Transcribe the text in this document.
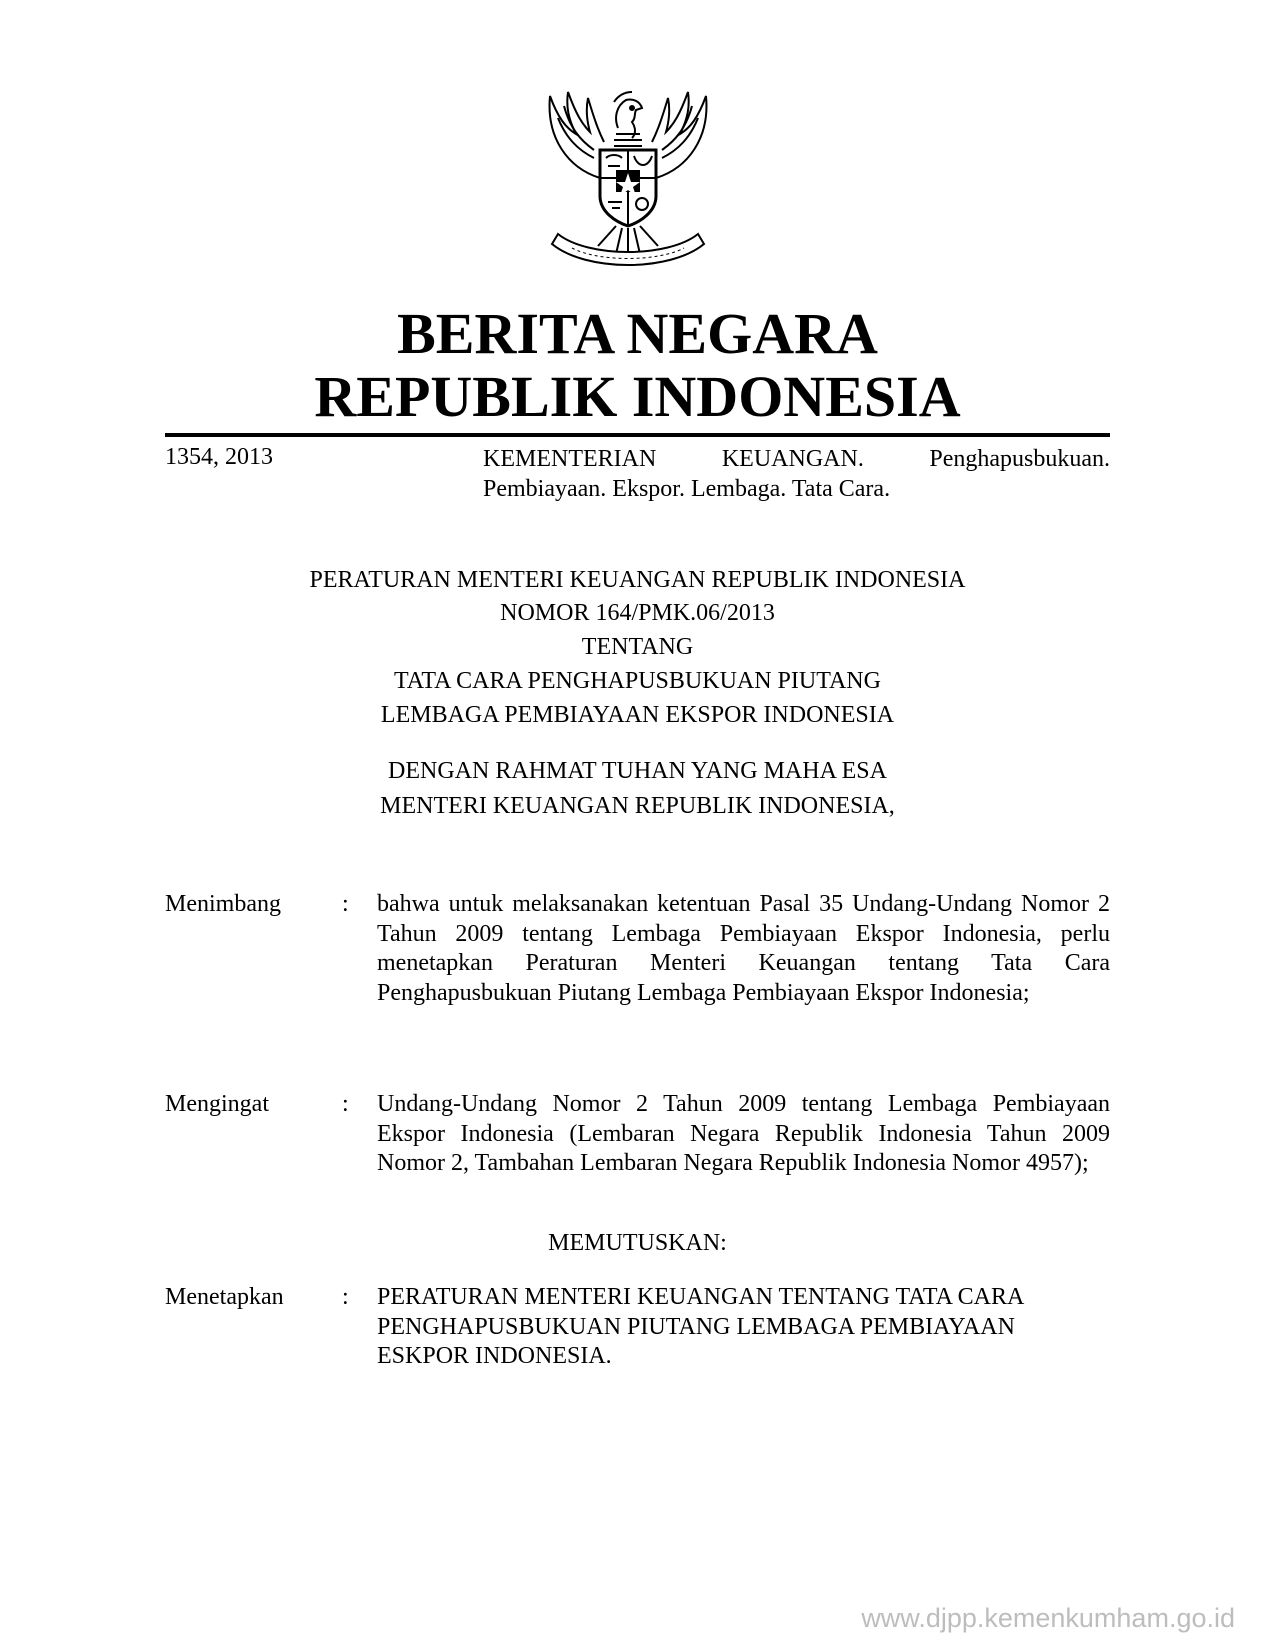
BERITA NEGARA
REPUBLIK INDONESIA
1354, 2013	KEMENTERIAN KEUANGAN. Penghapusbukuan.
Pembiayaan. Ekspor. Lembaga. Tata Cara.
PERATURAN MENTERI KEUANGAN REPUBLIK INDONESIA
NOMOR 164/PMK.06/2013
TENTANG
TATA CARA PENGHAPUSBUKUAN PIUTANG
LEMBAGA PEMBIAYAAN EKSPOR INDONESIA
DENGAN RAHMAT TUHAN YANG MAHA ESA
MENTERI KEUANGAN REPUBLIK INDONESIA,
Menimbang	: bahwa untuk melaksanakan ketentuan Pasal 35 Undang-Undang Nomor 2 Tahun 2009 tentang Lembaga Pembiayaan Ekspor Indonesia, perlu menetapkan Peraturan Menteri Keuangan tentang Tata Cara Penghapusbukuan Piutang Lembaga Pembiayaan Ekspor Indonesia;
Mengingat	: Undang-Undang Nomor 2 Tahun 2009 tentang Lembaga Pembiayaan Ekspor Indonesia (Lembaran Negara Republik Indonesia Tahun 2009 Nomor 2, Tambahan Lembaran Negara Republik Indonesia Nomor 4957);
MEMUTUSKAN:
Menetapkan : PERATURAN MENTERI KEUANGAN TENTANG TATA CARA
PENGHAPUSBUKUAN PIUTANG LEMBAGA PEMBIAYAAN
ESKPOR INDONESIA.
www.djpp.kemenkumham.go.id
